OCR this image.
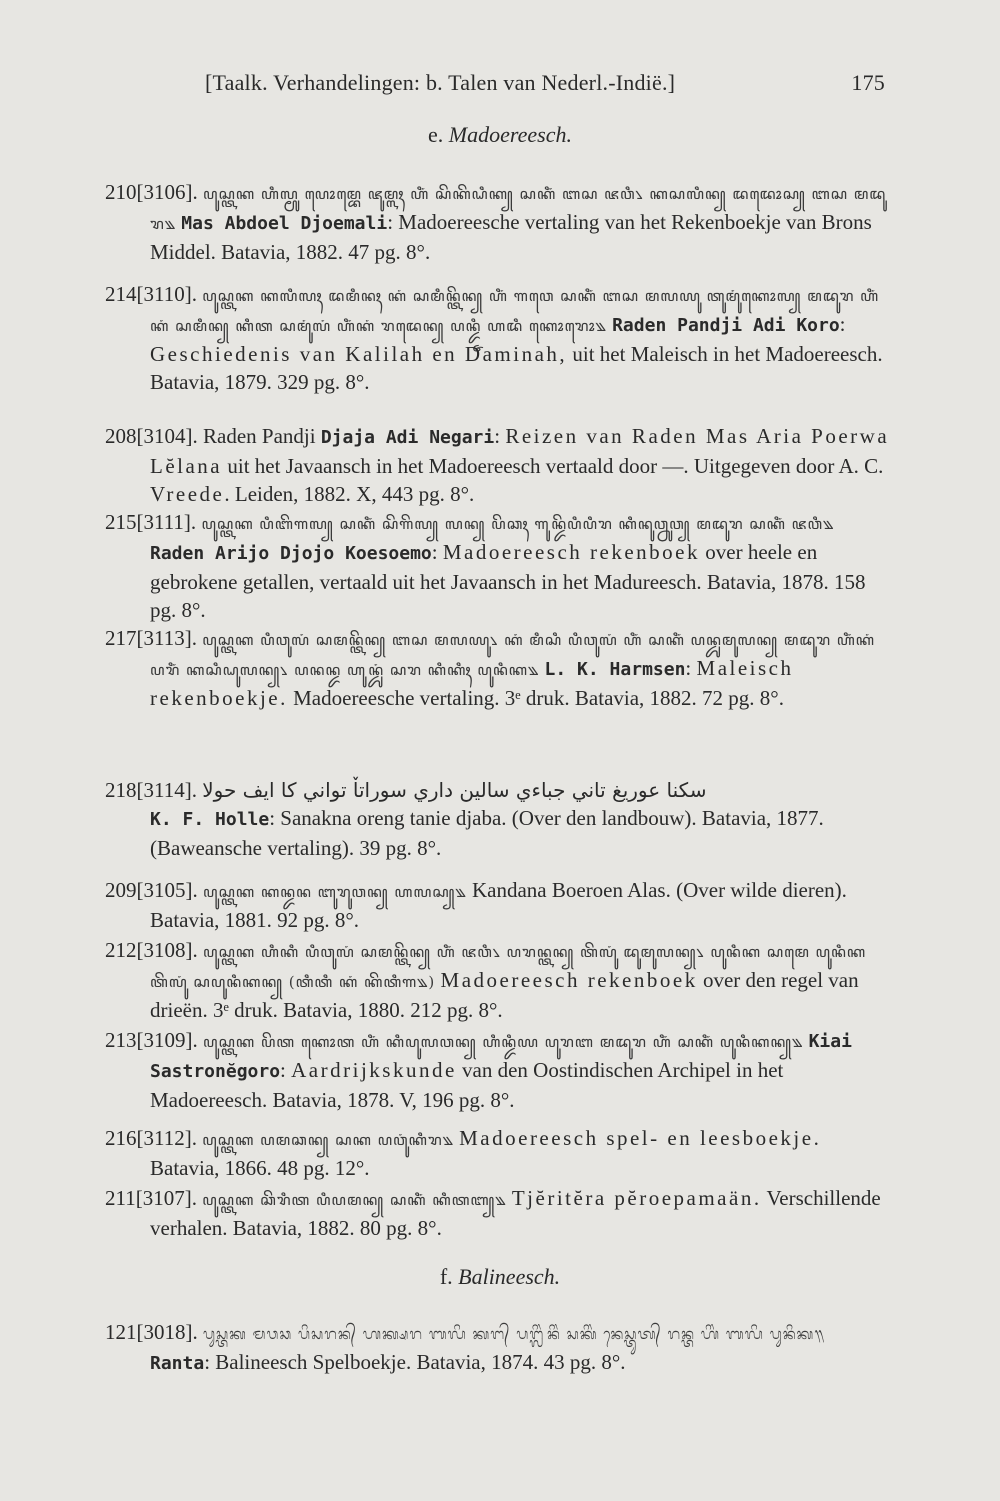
[Taalk. Verhandelingen: b. Talen van Nederl.-Indië.]	175
e. Madoereesch.
210[3106]. ꦥꦸꦱ꧀ꦠꦏ ꦲꦶꦭ꧀ꦩꦸ ꦥꦺꦴꦩ꧀ꦧꦺ ꦗꦸꦩ꧀ꦭꦃ ꦲꦶꦁ ꦱꦼꦏꦼꦝꦶꦏ꧀ ꦱꦏꦶꦁ ꦧꦱ ꦗꦮꦶ꧈ ꦏꦱꦭꦶꦤ꧀ ꦢꦢꦺꦴꦱ꧀ ꦧꦱ ꦩꦢꦸꦫ꧉ Mas Abdoel Djoemali: Madoereesche vertaling van het Rekenboekje van Brons Middel. Batavia, 1882. 47 pg. 8°.
214[3110]. ꦥꦸꦱ꧀ꦠꦏ ꦏꦭꦶꦭꦃ ꦢꦩꦶꦤꦃ ꦏꦁ ꦱꦩꦶꦤ꧀ꦠꦼꦤ꧀ ꦲꦶꦁ ꦒꦮꦺ ꦱꦏꦶꦁ ꦧꦱ ꦩꦭꦪꦸ ꦠꦸꦩꦸꦁꦏꦺꦴꦭ꧀ ꦩꦢꦸꦫ ꦲꦶꦁ ꦏꦁ ꦱꦩꦶꦤ꧀ ꦏꦶꦠ ꦱꦩꦸꦁꦭꦁ ꦲꦶꦁꦏꦁ ꦫꦢꦺꦤ꧀ ꦥꦤ꧀ꦢ꧀ꦗꦶ ꦲꦢꦶ ꦏꦺꦴꦫꦺꦴ꧉ Raden Pandji Adi Koro: Geschiedenis van Kalilah en Daminah, uit het Maleisch in het Madoereesch. Batavia, 1879. 329 pg. 8°.
208[3104]. Raden Pandji Djaja Adi Negari: Reizen van Raden Mas Aria Poerwa Lĕlana uit het Javaansch in het Madoereesch vertaald door —. Uitgegeven door A. C. Vreede. Leiden, 1882. X, 443 pg. 8°.
215[3111]. ꦥꦸꦱ꧀ꦠꦏ ꦥꦶꦧꦼꦒꦭ꧀ ꦱꦏꦶꦁ ꦱꦼꦒꦼꦭ꧀ ꦭꦤ꧀ ꦥꦼꦕꦃ ꦒꦸꦤ꧀ꦢꦼꦥꦶꦥꦶꦫ ꦏꦶꦤꦸꦮ꧀ꦤꦸꦮ꧀ ꦩꦢꦸꦫ ꦱꦏꦶꦁ ꦗꦮꦶ꧉ Raden Arijo Djojo Koesoemo: Madoereesch rekenboek over heele en gebrokene getallen, vertaald uit het Javaansch in het Madureesch. Batavia, 1878. 158 pg. 8°.
217[3113]. ꦥꦸꦱ꧀ꦠꦏ ꦥꦶꦮꦸꦭꦁ ꦱꦩꦤ꧀ꦠꦼꦤ꧀ ꦧꦱ ꦩꦭꦪꦸ꧈ ꦏꦁ ꦩꦶꦱꦶ ꦥꦶꦮꦸꦭꦁ ꦲꦶꦁ ꦱꦏꦶꦁ ꦥꦤ꧀ꦢꦸꦩꦸꦭꦤ꧀ ꦩꦢꦸꦫ ꦲꦶꦁꦏꦁ ꦥꦫꦶꦁ ꦏꦱꦶꦝꦸꦭꦤ꧀꧈ ꦥꦤꦤ꧀ꦢ ꦲꦸꦤ꧀ꦢꦸꦁ ꦱꦫ ꦏꦶꦏꦶꦃ ꦥꦸꦤꦶꦏ꧉ L. K. Harmsen: Maleisch rekenboekje. Madoereesche vertaling. 3ᵉ druk. Batavia, 1882. 72 pg. 8°.
218[3114]. سكنا عوريغ تاني جباءي سالين داري سوراتاٚ تواني كا ايف حولا
K. F. Holle: Sanakna oreng tanie djaba. (Over den landbouw). Batavia, 1877. (Baweansche vertaling). 39 pg. 8°.
209[3105]. ꦥꦸꦱ꧀ꦠꦏ ꦏꦤ꧀ꦢꦤ ꦧꦸꦫꦸꦮꦤ꧀ ꦲꦭꦱ꧀꧉ Kandana Boeroen Alas. (Over wilde dieren). Batavia, 1881. 92 pg. 8°.
212[3108]. ꦥꦸꦱ꧀ꦠꦏ ꦲꦶꦏꦶ ꦥꦶꦮꦸꦭꦁ ꦱꦩꦤ꧀ꦠꦼꦤ꧀ ꦲꦶꦁ ꦗꦮꦶ꧈ ꦥꦫꦤ꧀ꦠꦤ꧀ ꦠꦼꦭꦸꦁ ꦢꦸꦩꦸꦭꦤ꧀꧈ ꦥꦸꦤꦶꦏ ꦱꦩꦺ ꦥꦸꦤꦶꦏ ꦠꦼꦭꦸꦁ ꦱꦥꦸꦤꦶꦏꦤ꧀ (ꦠꦶꦠꦶ ꦏꦁ ꦏꦼꦠꦶꦒ꧉) Madoereesch rekenboek over den regel van drieën. 3ᵉ druk. Batavia, 1880. 212 pg. 8°.
213[3109]. ꦥꦸꦱ꧀ꦠꦏ ꦥꦼꦠ ꦏꦺꦴꦠ ꦲꦶꦁ ꦏꦶꦥꦸꦭꦮꦤ꧀ ꦲꦶꦤ꧀ꦢꦶꦪ ꦥꦸꦫꦧ ꦩꦢꦸꦫ ꦲꦶꦁ ꦱꦏꦶꦁ ꦥꦸꦤꦶꦏꦤ꧀꧉ Kiai Sastronĕgoro: Aardrijkskunde van den Oostindischen Archipel in het Madoereesch. Batavia, 1878. V, 196 pg. 8°.
216[3112]. ꦥꦸꦱ꧀ꦠꦏ ꦥꦩꦕꦤ꧀ ꦱꦏ ꦥꦮꦸꦁꦏꦶꦫ꧉ Madoereesch spel- en leesboekje. Batavia, 1866. 48 pg. 12°.
211[3107]. ꦥꦸꦱ꧀ꦠꦏ ꦕꦼꦫꦶꦠ ꦥꦶꦥꦩꦤ꧀ ꦱꦏꦶꦁ ꦏꦶꦠꦧ꧀꧉ Tjĕritĕra pĕroepamaän. Verschillende verhalen. Batavia, 1882. 80 pg. 8°.
f. Balineesch.
121[3018]. ᬧᬸᬲ᭄ᬢᬓ ᬫᬯᬘ ᬧᬶᬲᬭᬦ᭄ ᬳᬓ᭄ᬱᬭ ᬩᬮᬶ ᬓᬗ᭄ ᬧᬗ᭄ᬮᬶᬂᬦᬶᬂ ᬲᬓᬶᬂ ᬦᬾᬲ᭄ᬢᬸᬢ᭄ ᬭᬦ᭄ᬢ ᬳᬶᬂ ᬩᬮᬶ ᬧᬸᬦᬶᬓ᭟ Ranta: Balineesch Spelboekje. Batavia, 1874. 43 pg. 8°.
